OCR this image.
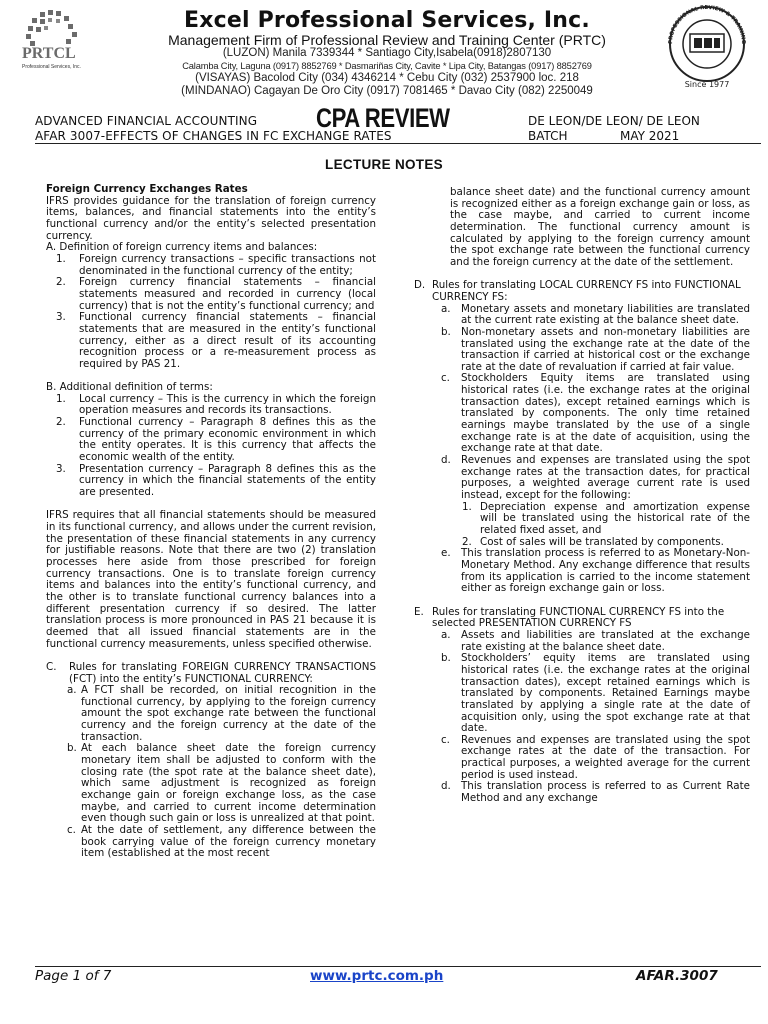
PRTCL
Professional Services, Inc.
Excel Professional Services, Inc.
Management Firm of Professional Review and Training Center (PRTC)
(LUZON) Manila 7339344 * Santiago City,Isabela(0918)2807130
Calamba City, Laguna (0917) 8852769 * Dasmariñas City, Cavite * Lipa City, Batangas (0917) 8852769
(VISAYAS) Bacolod City (034) 4346214 * Cebu City (032) 2537900 loc. 218
(MINDANAO) Cagayan De Oro City (0917) 7081465 * Davao City (082) 2250049
PROFESSIONAL REVIEW & TRAINING
Since 1977
ADVANCED FINANCIAL ACCOUNTING
AFAR 3007-EFFECTS OF CHANGES IN FC EXCHANGE RATES
CPA REVIEW	DE LEON/DE LEON/ DE LEON
BATCH	MAY 2021
LECTURE NOTES
Foreign Currency Exchanges Rates
IFRS provides guidance for the translation of foreign currency items, balances, and financial statements into the entity’s functional currency and/or the entity’s selected presentation currency.
A. Definition of foreign currency items and balances:
1. Foreign currency transactions – specific transactions not denominated in the functional currency of the entity;
2. Foreign currency financial statements – financial statements measured and recorded in currency (local currency) that is not the entity’s functional currency; and
3. Functional currency financial statements – financial statements that are measured in the entity’s functional currency, either as a direct result of its accounting recognition process or a re-measurement process as required by PAS 21.
B. Additional definition of terms:
1. Local currency – This is the currency in which the foreign operation measures and records its transactions.
2. Functional currency – Paragraph 8 defines this as the currency of the primary economic environment in which the entity operates. It is this currency that affects the economic wealth of the entity.
3. Presentation currency – Paragraph 8 defines this as the currency in which the financial statements of the entity are presented.
IFRS requires that all financial statements should be measured in its functional currency, and allows under the current revision, the presentation of these financial statements in any currency for justifiable reasons. Note that there are two (2) translation processes here aside from those prescribed for foreign currency transactions. One is to translate foreign currency items and balances into the entity’s functional currency, and the other is to translate functional currency balances into a different presentation currency if so desired. The latter translation process is more pronounced in PAS 21 because it is deemed that all issued financial statements are in the functional currency measurements, unless specified otherwise.
C. Rules for translating FOREIGN CURRENCY TRANSACTIONS (FCT) into the entity’s FUNCTIONAL CURRENCY:
a. A FCT shall be recorded, on initial recognition in the functional currency, by applying to the foreign currency amount the spot exchange rate between the functional currency and the foreign currency at the date of the transaction.
b. At each balance sheet date the foreign currency monetary item shall be adjusted to conform with the closing rate (the spot rate at the balance sheet date), which same adjustment is recognized as foreign exchange gain or foreign exchange loss, as the case maybe, and carried to current income determination even though such gain or loss is unrealized at that point.
c. At the date of settlement, any difference between the book carrying value of the foreign currency monetary item (established at the most recent
balance sheet date) and the functional currency amount is recognized either as a foreign exchange gain or loss, as the case maybe, and carried to current income determination. The functional currency amount is calculated by applying to the foreign currency amount the spot exchange rate between the functional currency and the foreign currency at the date of the settlement.
D. Rules for translating LOCAL CURRENCY FS into FUNCTIONAL CURRENCY FS:
a. Monetary assets and monetary liabilities are translated at the current rate existing at the balance sheet date.
b. Non-monetary assets and non-monetary liabilities are translated using the exchange rate at the date of the transaction if carried at historical cost or the exchange rate at the date of revaluation if carried at fair value.
c. Stockholders Equity items are translated using historical rates (i.e. the exchange rates at the original transaction dates), except retained earnings which is translated by components. The only time retained earnings maybe translated by the use of a single exchange rate is at the date of acquisition, using the exchange rate at that date.
d. Revenues and expenses are translated using the spot exchange rates at the transaction dates, for practical purposes, a weighted average current rate is used instead, except for the following:
1. Depreciation expense and amortization expense will be translated using the historical rate of the related fixed asset, and
2. Cost of sales will be translated by components.
e. This translation process is referred to as Monetary-Non-Monetary Method. Any exchange difference that results from its application is carried to the income statement either as foreign exchange gain or loss.
E. Rules for translating FUNCTIONAL CURRENCY FS into the selected PRESENTATION CURRENCY FS
a. Assets and liabilities are translated at the exchange rate existing at the balance sheet date.
b. Stockholders’ equity items are translated using historical rates (i.e. the exchange rates at the original transaction dates), except retained earnings which is translated by components. Retained Earnings maybe translated by applying a single rate at the date of acquisition only, using the spot exchange rate at that date.
c. Revenues and expenses are translated using the spot exchange rates at the date of the transaction. For practical purposes, a weighted average for the current period is used instead.
d. This translation process is referred to as Current Rate Method and any exchange
Page 1 of 7	www.prtc.com.ph	AFAR.3007
